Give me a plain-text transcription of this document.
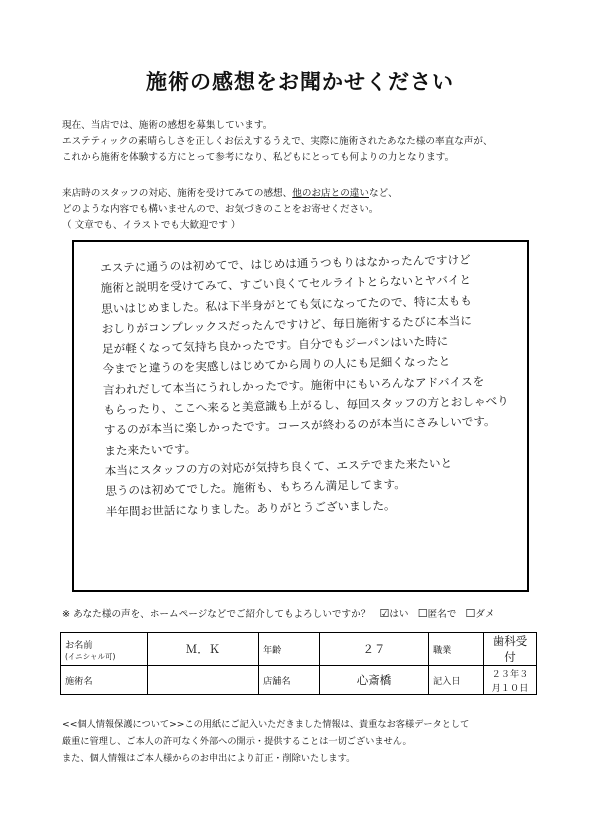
施術の感想をお聞かせください
現在、当店では、施術の感想を募集しています。
エステティックの素晴らしさを正しくお伝えするうえで、実際に施術されたあなた様の率直な声が、
これから施術を体験する方にとって参考になり、私どもにとっても何よりの力となります。
来店時のスタッフの対応、施術を受けてみての感想、他のお店との違いなど、
どのような内容でも構いませんので、お気づきのことをお寄せください。
（ 文章でも、イラストでも大歓迎です ）
エステに通うのは初めてで、はじめは通うつもりはなかったんですけど
施術と説明を受けてみて、すごい良くてセルライトとらないとヤバイと
思いはじめました。私は下半身がとても気になってたので、特に太もも
おしりがコンプレックスだったんですけど、毎日施術するたびに本当に
足が軽くなって気持ち良かったです。自分でもジーパンはいた時に
今までと違うのを実感しはじめてから周りの人にも足細くなったと
言われだして本当にうれしかったです。施術中にもいろんなアドバイスを
もらったり、ここへ来ると美意識も上がるし、毎回スタッフの方とおしゃべり
するのが本当に楽しかったです。コースが終わるのが本当にさみしいです。
また来たいです。
本当にスタッフの方の対応が気持ち良くて、エステでまた来たいと
思うのは初めてでした。施術も、もちろん満足してます。
半年間お世話になりました。ありがとうございました。
※ あなた様の声を、ホームページなどでご紹介してもよろしいですか？ ☑はい ☐匿名で ☐ダメ
お名前
(イニシャル可)	Ｍ．Ｋ	年齢	２７	職業	歯科受付
施術名		店舗名	心斎橋	記入日	２３年３月１０日
<<個人情報保護について>>この用紙にご記入いただきました情報は、貴重なお客様データとして
厳重に管理し、ご本人の許可なく外部への開示・提供することは一切ございません。
また、個人情報はご本人様からのお申出により訂正・削除いたします。
